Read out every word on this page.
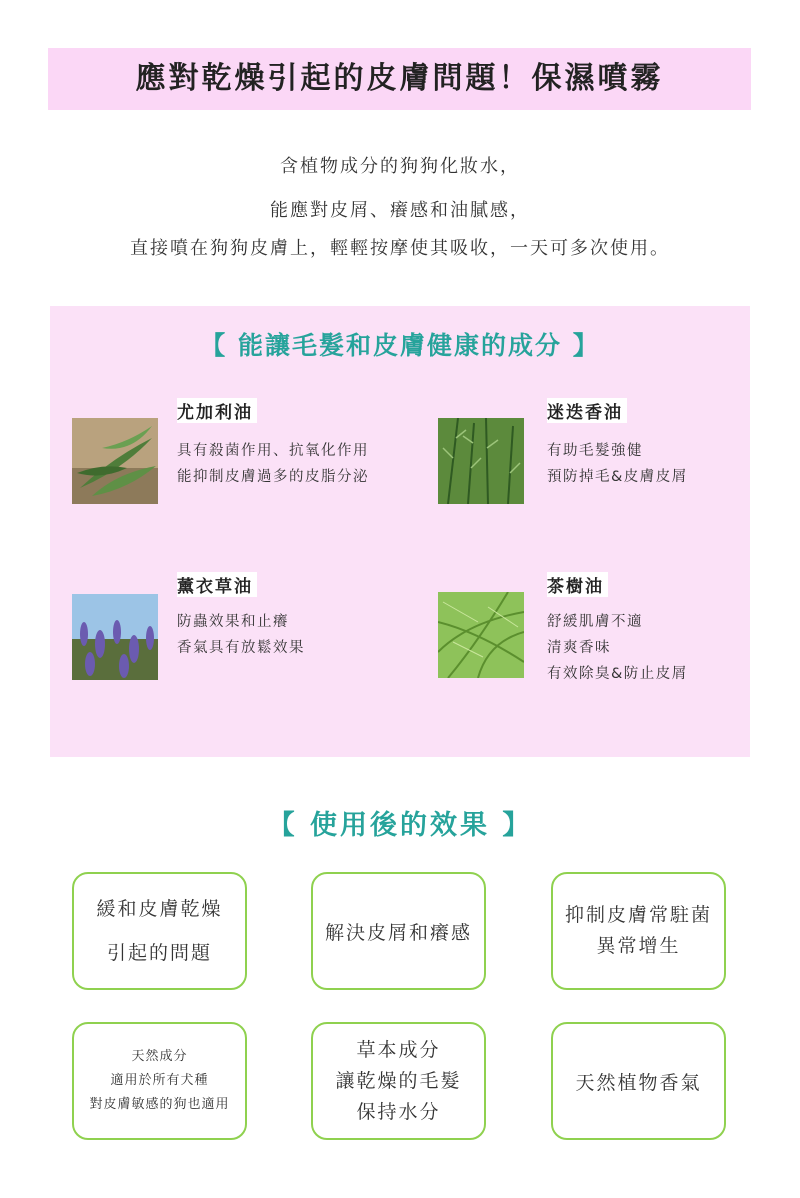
應對乾燥引起的皮膚問題！保濕噴霧
含植物成分的狗狗化妝水，
能應對皮屑、癢感和油膩感，
直接噴在狗狗皮膚上，輕輕按摩使其吸收，一天可多次使用。
【 能讓毛髮和皮膚健康的成分 】
尤加利油
具有殺菌作用、抗氧化作用
能抑制皮膚過多的皮脂分泌
迷迭香油
有助毛髮強健
預防掉毛&皮膚皮屑
薰衣草油
防蟲效果和止癢
香氣具有放鬆效果
茶樹油
舒緩肌膚不適
清爽香味
有效除臭&防止皮屑
【 使用後的效果 】
緩和皮膚乾燥
引起的問題
解決皮屑和癢感
抑制皮膚常駐菌
異常增生
天然成分
適用於所有犬種
對皮膚敏感的狗也適用
草本成分
讓乾燥的毛髮
保持水分
天然植物香氣
